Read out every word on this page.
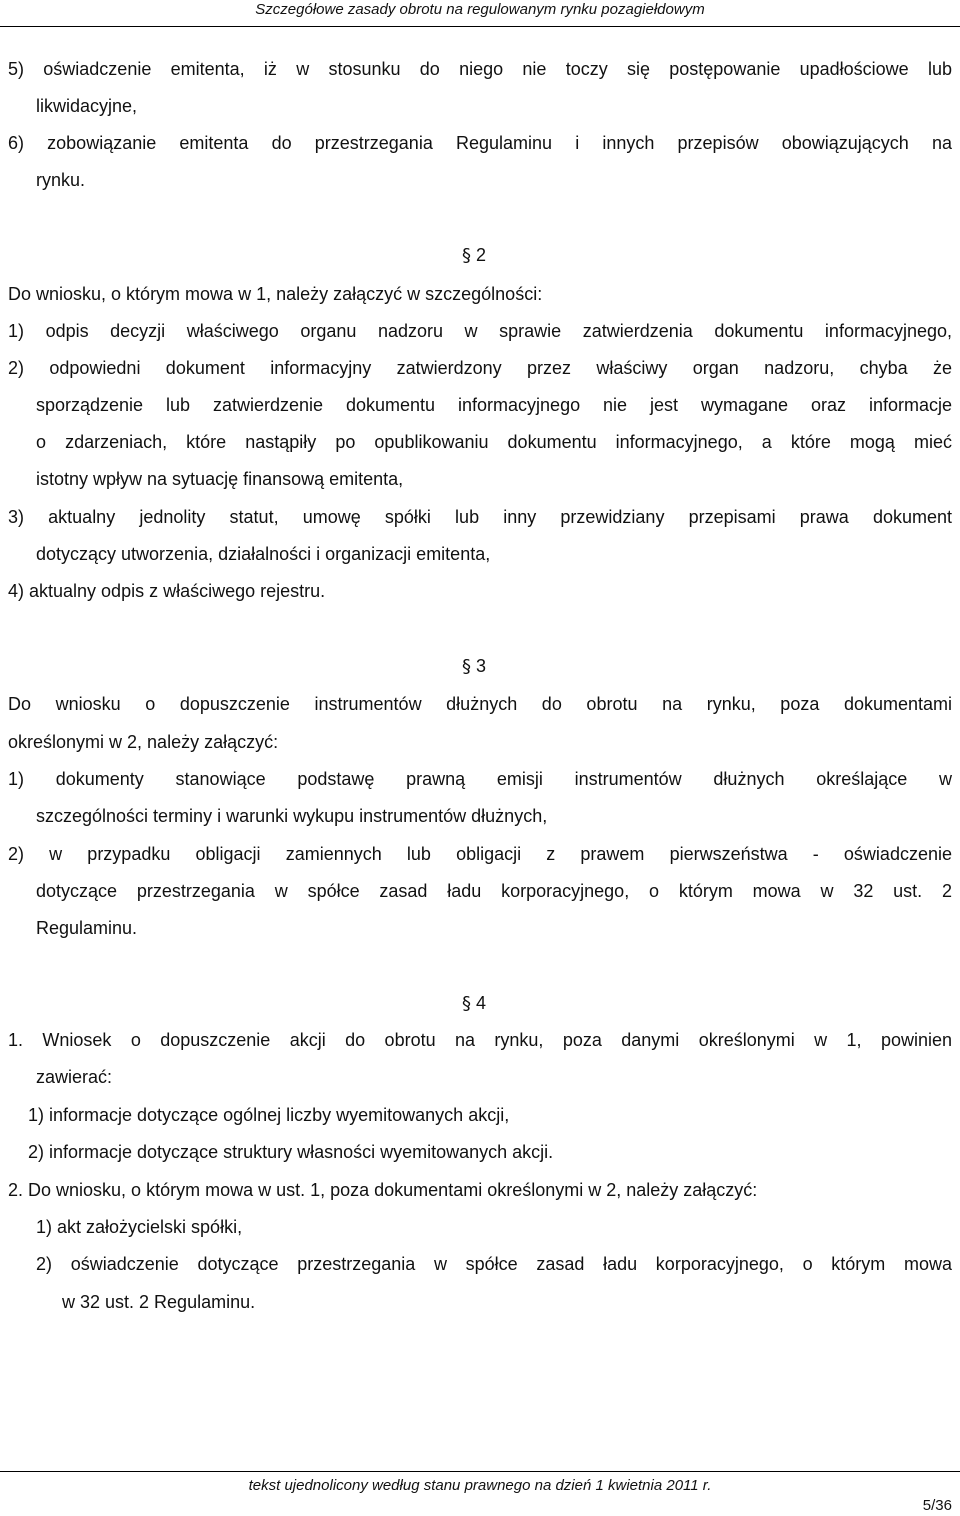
Szczegółowe zasady obrotu na regulowanym rynku pozagiełdowym
5) oświadczenie emitenta, iż w stosunku do niego nie toczy się postępowanie upadłościowe lub
likwidacyjne,
6) zobowiązanie emitenta do przestrzegania Regulaminu i innych przepisów obowiązujących na
rynku.
§ 2
Do wniosku, o którym mowa w 1, należy załączyć w szczególności:
1) odpis decyzji właściwego organu nadzoru w sprawie zatwierdzenia dokumentu informacyjnego,
2) odpowiedni dokument informacyjny zatwierdzony przez właściwy organ nadzoru, chyba że
sporządzenie lub zatwierdzenie dokumentu informacyjnego nie jest wymagane oraz informacje
o zdarzeniach, które nastąpiły po opublikowaniu dokumentu informacyjnego, a które mogą mieć
istotny wpływ na sytuację finansową emitenta,
3) aktualny jednolity statut, umowę spółki lub inny przewidziany przepisami prawa dokument
dotyczący utworzenia, działalności i organizacji emitenta,
4) aktualny odpis z właściwego rejestru.
§ 3
Do wniosku o dopuszczenie instrumentów dłużnych do obrotu na rynku, poza dokumentami
określonymi w 2, należy załączyć:
1) dokumenty stanowiące podstawę prawną emisji instrumentów dłużnych określające w
szczególności terminy i warunki wykupu instrumentów dłużnych,
2) w przypadku obligacji zamiennych lub obligacji z prawem pierwszeństwa - oświadczenie
dotyczące przestrzegania w spółce zasad ładu korporacyjnego, o którym mowa w 32 ust. 2
Regulaminu.
§ 4
1. Wniosek o dopuszczenie akcji do obrotu na rynku, poza danymi określonymi w 1, powinien
zawierać:
1) informacje dotyczące ogólnej liczby wyemitowanych akcji,
2) informacje dotyczące struktury własności wyemitowanych akcji.
2. Do wniosku, o którym mowa w ust. 1, poza dokumentami określonymi w 2, należy załączyć:
1) akt założycielski spółki,
2) oświadczenie dotyczące przestrzegania w spółce zasad ładu korporacyjnego, o którym mowa
w 32 ust. 2 Regulaminu.
tekst ujednolicony według stanu prawnego na dzień 1 kwietnia 2011 r.
5/36
